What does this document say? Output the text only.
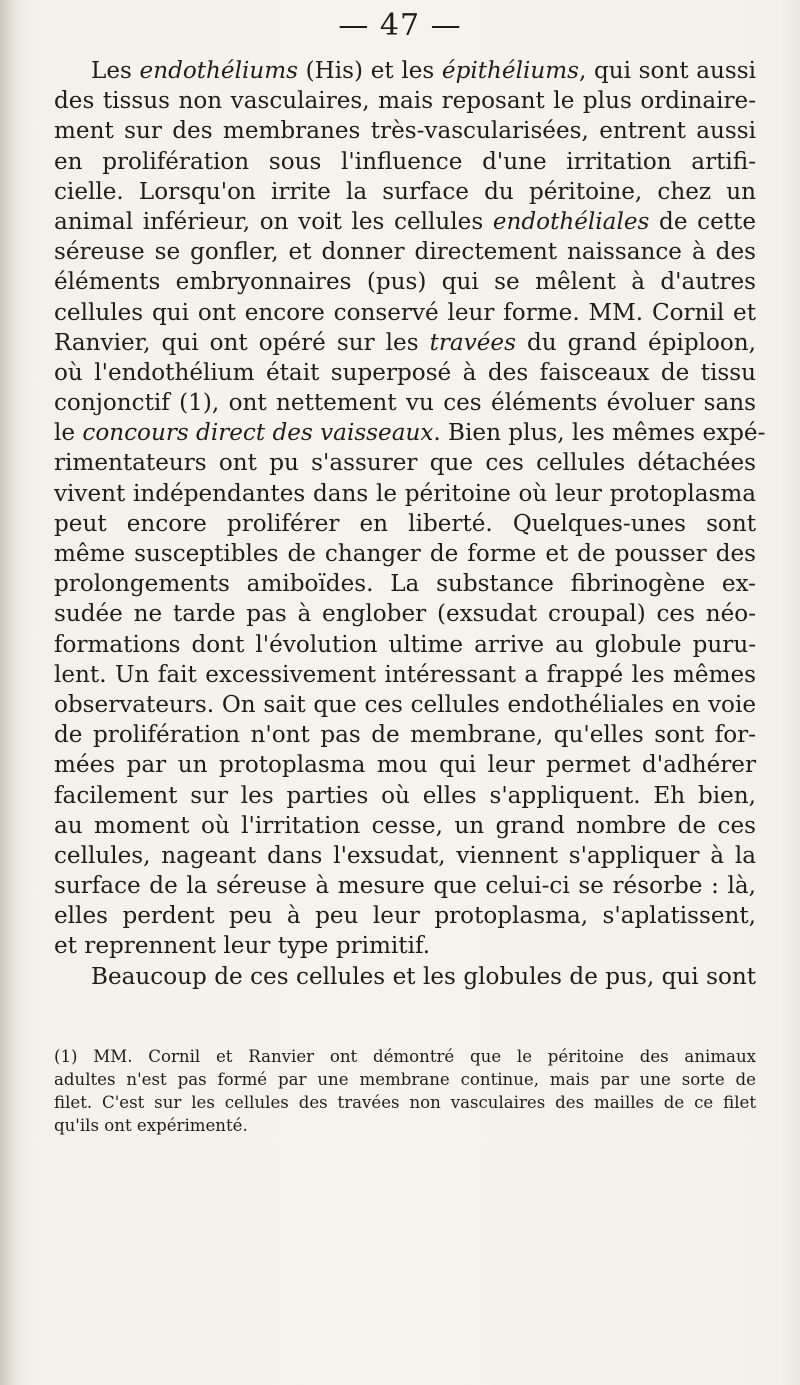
— 47 —
Les endothéliums (His) et les épithéliums, qui sont aussi
des tissus non vasculaires, mais reposant le plus ordinaire-
ment sur des membranes très-vascularisées, entrent aussi
en prolifération sous l'influence d'une irritation artifi-
cielle. Lorsqu'on irrite la surface du péritoine, chez un
animal inférieur, on voit les cellules endothéliales de cette
séreuse se gonfler, et donner directement naissance à des
éléments embryonnaires (pus) qui se mêlent à d'autres
cellules qui ont encore conservé leur forme. MM. Cornil et
Ranvier, qui ont opéré sur les travées du grand épiploon,
où l'endothélium était superposé à des faisceaux de tissu
conjonctif (1), ont nettement vu ces éléments évoluer sans
le concours direct des vaisseaux. Bien plus, les mêmes expé-
rimentateurs ont pu s'assurer que ces cellules détachées
vivent indépendantes dans le péritoine où leur protoplasma
peut encore proliférer en liberté. Quelques-unes sont
même susceptibles de changer de forme et de pousser des
prolongements amiboïdes. La substance fibrinogène ex-
sudée ne tarde pas à englober (exsudat croupal) ces néo-
formations dont l'évolution ultime arrive au globule puru-
lent. Un fait excessivement intéressant a frappé les mêmes
observateurs. On sait que ces cellules endothéliales en voie
de prolifération n'ont pas de membrane, qu'elles sont for-
mées par un protoplasma mou qui leur permet d'adhérer
facilement sur les parties où elles s'appliquent. Eh bien,
au moment où l'irritation cesse, un grand nombre de ces
cellules, nageant dans l'exsudat, viennent s'appliquer à la
surface de la séreuse à mesure que celui-ci se résorbe : là,
elles perdent peu à peu leur protoplasma, s'aplatissent,
et reprennent leur type primitif.
Beaucoup de ces cellules et les globules de pus, qui sont
(1) MM. Cornil et Ranvier ont démontré que le péritoine des animaux
adultes n'est pas formé par une membrane continue, mais par une sorte de
filet. C'est sur les cellules des travées non vasculaires des mailles de ce filet
qu'ils ont expérimenté.
